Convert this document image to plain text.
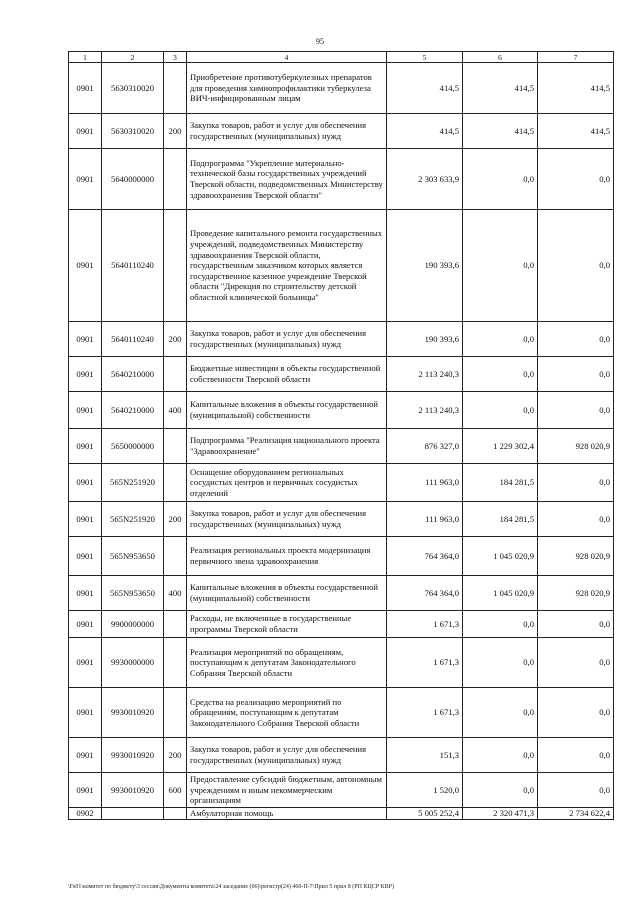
95
1	2	3	4	5	6	7
0901	5630310020		Приобретение противотуберкулезных препаратов для проведения химиопрофилактики туберкулеза ВИЧ-инфицированным лицам	414,5	414,5	414,5
0901	5630310020	200	Закупка товаров, работ и услуг для обеспечения государственных (муниципальных) нужд	414,5	414,5	414,5
0901	5640000000		Подпрограмма "Укрепление материально-технической базы государственных учреждений Тверской области, подведомственных Министерству здравоохранения Тверской области"	2 303 633,9	0,0	0,0
0901	5640110240		Проведение капитального ремонта государственных учреждений, подведомственных Министерству здравоохранения Тверской области, государственным заказчиком которых является государственное казенное учреждение Тверской области "Дирекция по строительству детской областной клинической больницы"	190 393,6	0,0	0,0
0901	5640110240	200	Закупка товаров, работ и услуг для обеспечения государственных (муниципальных) нужд	190 393,6	0,0	0,0
0901	5640210000		Бюджетные инвестиции в объекты государственной собственности Тверской области	2 113 240,3	0,0	0,0
0901	5640210000	400	Капитальные вложения в объекты государственной (муниципальной) собственности	2 113 240,3	0,0	0,0
0901	5650000000		Подпрограмма "Реализация национального проекта "Здравоохранение"	876 327,0	1 229 302,4	928 020,9
0901	565N251920		Оснащение оборудованием региональных сосудистых центров и первичных сосудистых отделений	111 963,0	184 281,5	0,0
0901	565N251920	200	Закупка товаров, работ и услуг для обеспечения государственных (муниципальных) нужд	111 963,0	184 281,5	0,0
0901	565N953650		Реализация региональных проекта модернизация первичного звена здравоохранения	764 364,0	1 045 020,9	928 020,9
0901	565N953650	400	Капитальные вложения в объекты государственной (муниципальной) собственности	764 364,0	1 045 020,9	928 020,9
0901	9900000000		Расходы, не включенные в государственные программы Тверской области	1 671,3	0,0	0,0
0901	9930000000		Реализация мероприятий по обращениям, поступающим к депутатам Законодательного Собрания Тверской области	1 671,3	0,0	0,0
0901	9930010920		Средства на реализацию мероприятий по обращениям, поступающим к депутатам Законодательного Собрания Тверской области	1 671,3	0,0	0,0
0901	9930010920	200	Закупка товаров, работ и услуг для обеспечения государственных (муниципальных) нужд	151,3	0,0	0,0
0901	9930010920	600	Предоставление субсидий бюджетным, автономным учреждениям и иным некоммерческим организациям	1 520,0	0,0	0,0
0902			Амбулаторная помощь	5 005 252,4	2 320 471,3	2 734 622,4
\Fs01\комитет по бюджету\3 сессия\Документы комитета\24 заседание (06)\регистр(24) 460-П-7\Прил 5 прил 8 (РП КЦСР КВР)
